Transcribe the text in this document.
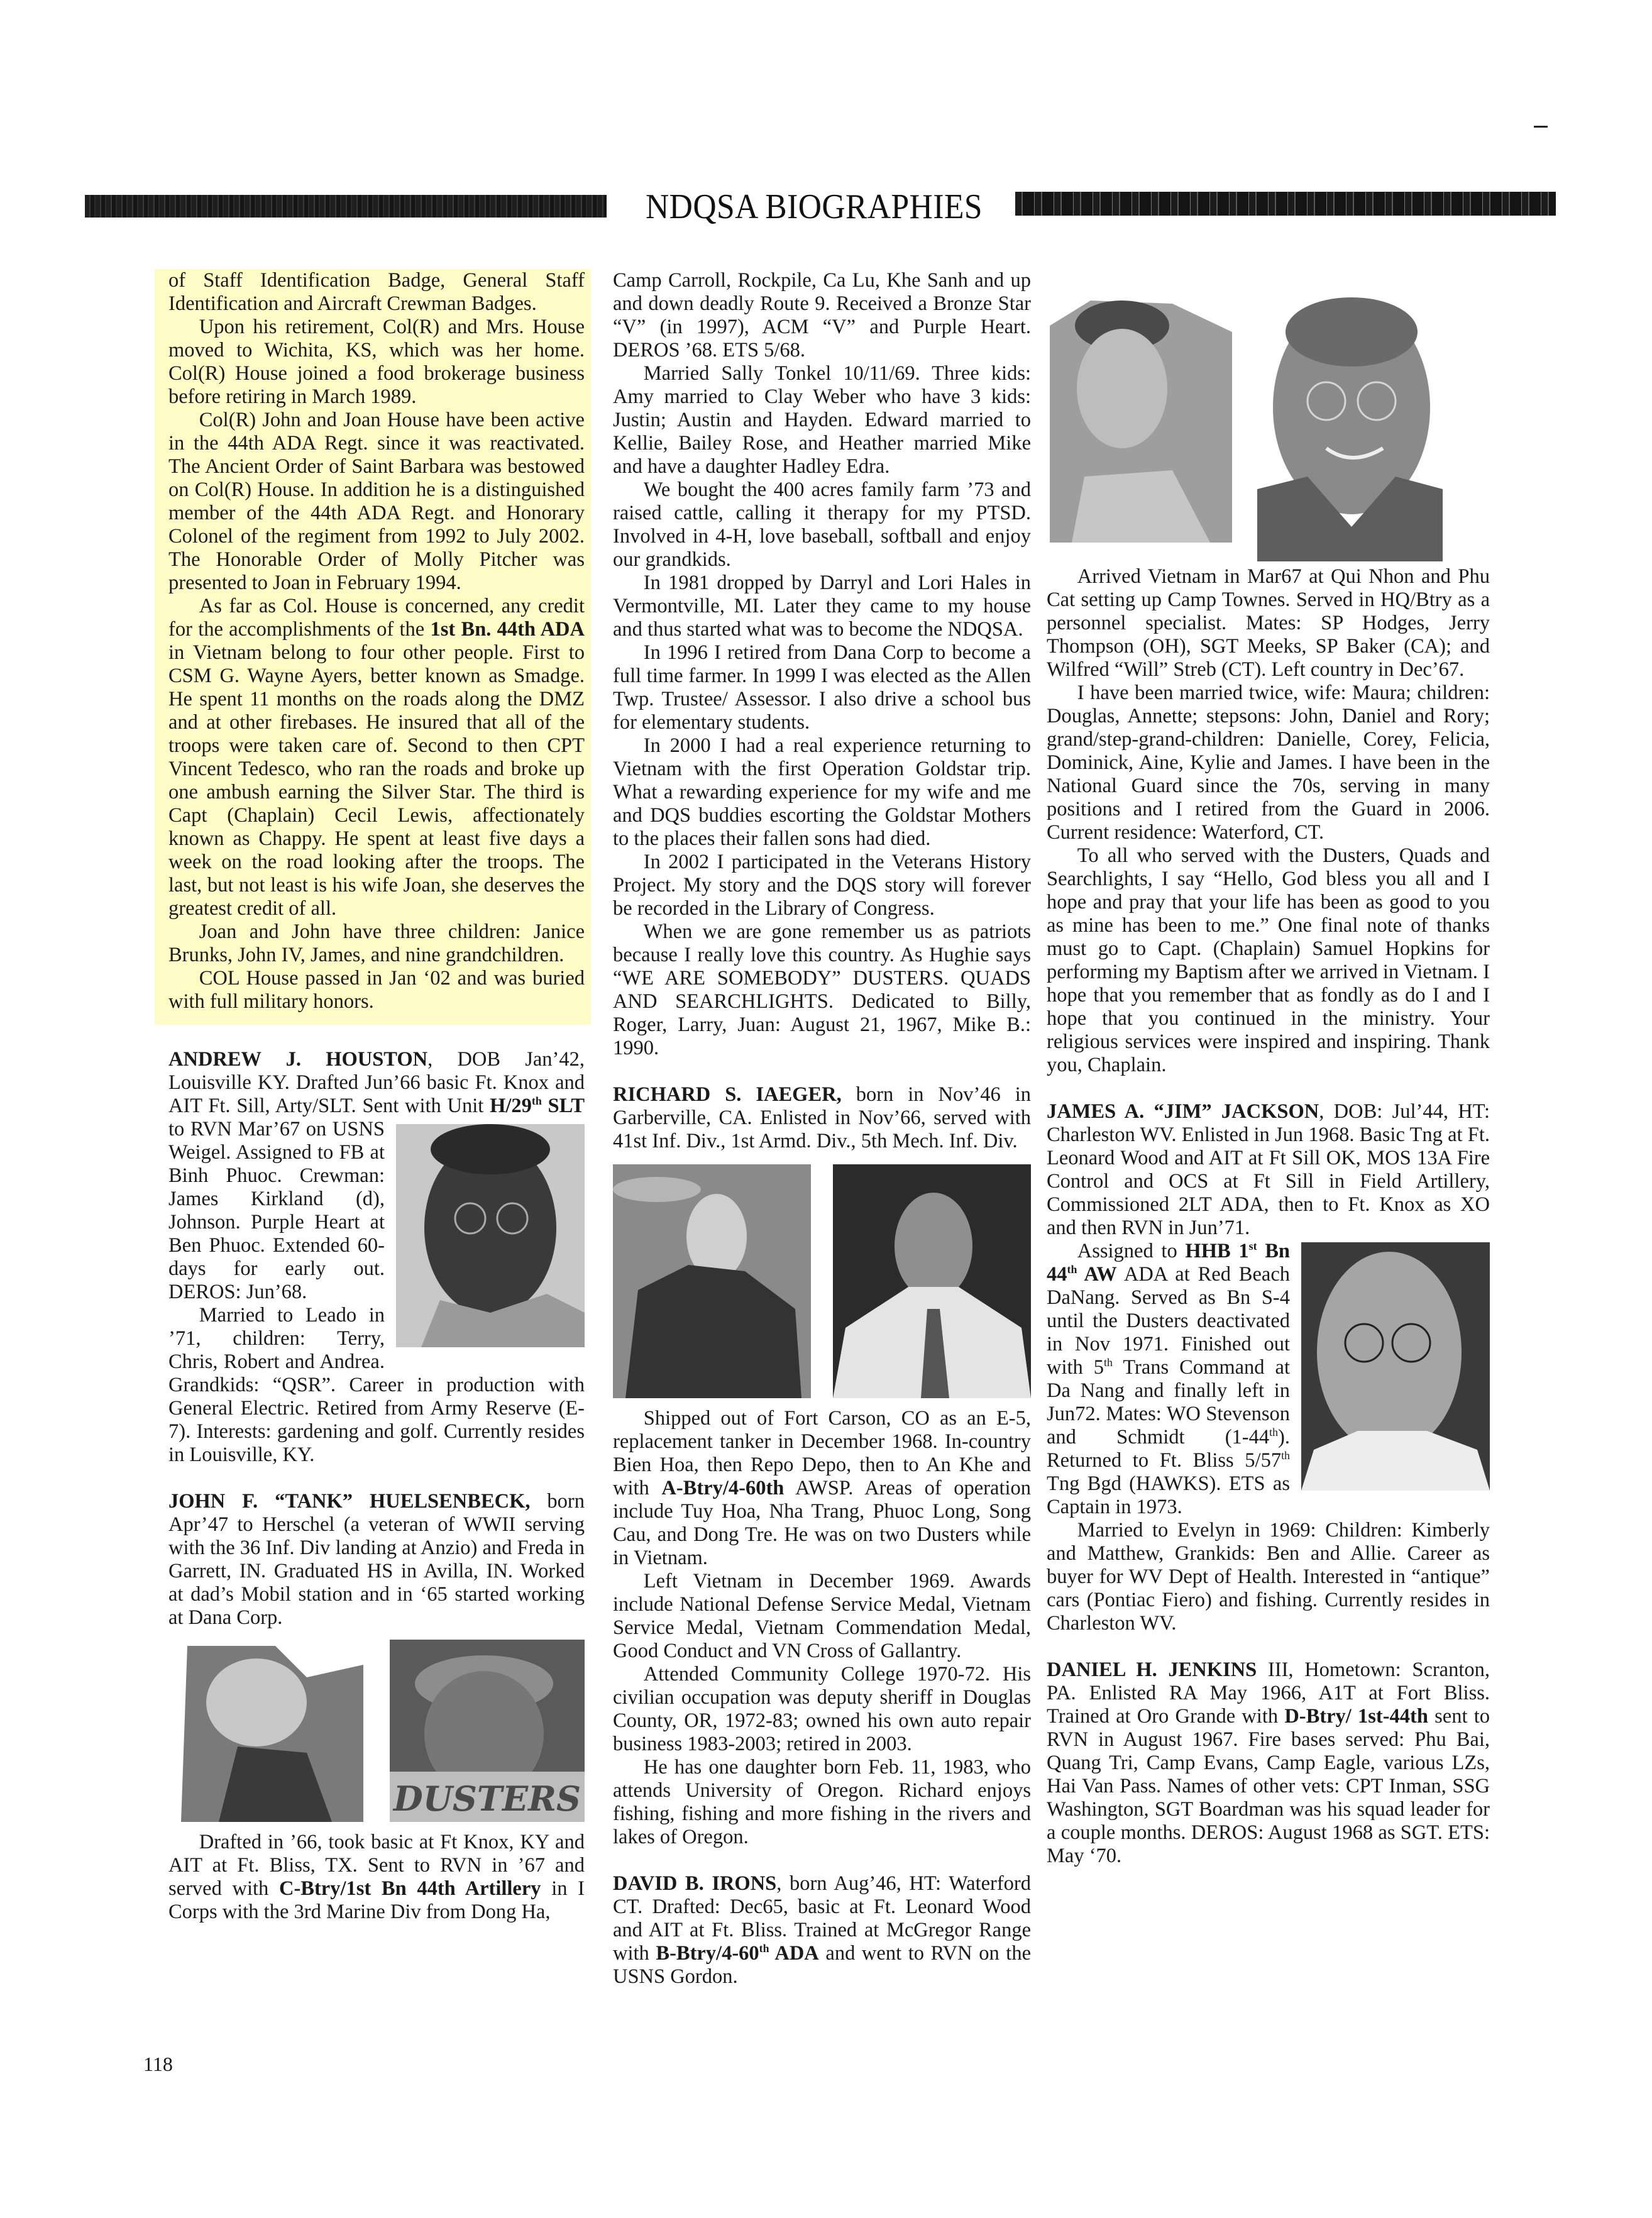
NDQSA BIOGRAPHIES

of Staff Identification Badge, General Staff Identification and Aircraft Crewman Badges.

Upon his retirement, Col(R) and Mrs. House moved to Wichita, KS, which was her home. Col(R) House joined a food brokerage business before retiring in March 1989.

Col(R) John and Joan House have been active in the 44th ADA Regt. since it was reactivated. The Ancient Order of Saint Barbara was bestowed on Col(R) House. In addition he is a distinguished member of the 44th ADA Regt. and Honorary Colonel of the regiment from 1992 to July 2002. The Honorable Order of Molly Pitcher was presented to Joan in February 1994.

As far as Col. House is concerned, any credit for the accomplishments of the 1st Bn. 44th ADA in Vietnam belong to four other people. First to CSM G. Wayne Ayers, better known as Smadge. He spent 11 months on the roads along the DMZ and at other firebases. He insured that all of the troops were taken care of. Second to then CPT Vincent Tedesco, who ran the roads and broke up one ambush earning the Silver Star. The third is Capt (Chaplain) Cecil Lewis, affectionately known as Chappy. He spent at least five days a week on the road looking after the troops. The last, but not least is his wife Joan, she deserves the greatest credit of all.

Joan and John have three children: Janice Brunks, John IV, James, and nine grandchildren.

COL House passed in Jan ‘02 and was buried with full military honors.

ANDREW J. HOUSTON, DOB Jan’42, Louisville KY. Drafted Jun’66 basic Ft. Knox and AIT Ft. Sill, Arty/SLT. Sent with Unit H/29th SLT
to RVN Mar’67 on USNS Weigel. Assigned to FB at Binh Phuoc. Crewman: James Kirkland (d), Johnson. Purple Heart at Ben Phuoc. Extended 60-days for early out. DEROS: Jun’68.

Married to Leado in ’71, children: Terry, Chris, Robert and Andrea. Grandkids: “QSR”. Career in production with General Electric. Retired from Army Reserve (E-7). Interests: gardening and golf. Currently resides in Louisville, KY.

JOHN F. “TANK” HUELSENBECK, born Apr’47 to Herschel (a veteran of WWII serving with the 36 Inf. Div landing at Anzio) and Freda in Garrett, IN. Graduated HS in Avilla, IN. Worked at dad’s Mobil station and in ‘65 started working at Dana Corp.

DUSTERS

Drafted in ’66, took basic at Ft Knox, KY and AIT at Ft. Bliss, TX. Sent to RVN in ’67 and served with C-Btry/1st Bn 44th Artillery in I Corps with the 3rd Marine Div from Dong Ha,

Camp Carroll, Rockpile, Ca Lu, Khe Sanh and up and down deadly Route 9. Received a Bronze Star “V” (in 1997), ACM “V” and Purple Heart. DEROS ’68. ETS 5/68.

Married Sally Tonkel 10/11/69. Three kids: Amy married to Clay Weber who have 3 kids: Justin; Austin and Hayden. Edward married to Kellie, Bailey Rose, and Heather married Mike and have a daughter Hadley Edra.

We bought the 400 acres family farm ’73 and raised cattle, calling it therapy for my PTSD. Involved in 4-H, love baseball, softball and enjoy our grandkids.

In 1981 dropped by Darryl and Lori Hales in Vermontville, MI. Later they came to my house and thus started what was to become the NDQSA.

In 1996 I retired from Dana Corp to become a full time farmer. In 1999 I was elected as the Allen Twp. Trustee/ Assessor. I also drive a school bus for elementary students.

In 2000 I had a real experience returning to Vietnam with the first Operation Goldstar trip. What a rewarding experience for my wife and me and DQS buddies escorting the Goldstar Mothers to the places their fallen sons had died.

In 2002 I participated in the Veterans History Project. My story and the DQS story will forever be recorded in the Library of Congress.

When we are gone remember us as patriots because I really love this country. As Hughie says “WE ARE SOMEBODY” DUSTERS. QUADS AND SEARCHLIGHTS. Dedicated to Billy, Roger, Larry, Juan: August 21, 1967, Mike B.: 1990.

RICHARD S. IAEGER, born in Nov’46 in Garberville, CA. Enlisted in Nov’66, served with 41st Inf. Div., 1st Armd. Div., 5th Mech. Inf. Div.

Shipped out of Fort Carson, CO as an E-5, replacement tanker in December 1968. In-country Bien Hoa, then Repo Depo, then to An Khe and with A-Btry/4-60th AWSP. Areas of operation include Tuy Hoa, Nha Trang, Phuoc Long, Song Cau, and Dong Tre. He was on two Dusters while in Vietnam.

Left Vietnam in December 1969. Awards include National Defense Service Medal, Vietnam Service Medal, Vietnam Commendation Medal, Good Conduct and VN Cross of Gallantry.

Attended Community College 1970-72. His civilian occupation was deputy sheriff in Douglas County, OR, 1972-83; owned his own auto repair business 1983-2003; retired in 2003.

He has one daughter born Feb. 11, 1983, who attends University of Oregon. Richard enjoys fishing, fishing and more fishing in the rivers and lakes of Oregon.

DAVID B. IRONS, born Aug’46, HT: Waterford CT. Drafted: Dec65, basic at Ft. Leonard Wood and AIT at Ft. Bliss. Trained at McGregor Range with B-Btry/4-60th ADA and went to RVN on the USNS Gordon.

Arrived Vietnam in Mar67 at Qui Nhon and Phu Cat setting up Camp Townes. Served in HQ/Btry as a personnel specialist. Mates: SP Hodges, Jerry Thompson (OH), SGT Meeks, SP Baker (CA); and Wilfred “Will” Streb (CT). Left country in Dec’67.

I have been married twice, wife: Maura; children: Douglas, Annette; stepsons: John, Daniel and Rory; grand/step-grand-children: Danielle, Corey, Felicia, Dominick, Aine, Kylie and James. I have been in the National Guard since the 70s, serving in many positions and I retired from the Guard in 2006. Current residence: Waterford, CT.

To all who served with the Dusters, Quads and Searchlights, I say “Hello, God bless you all and I hope and pray that your life has been as good to you as mine has been to me.” One final note of thanks must go to Capt. (Chaplain) Samuel Hopkins for performing my Baptism after we arrived in Vietnam. I hope that you remember that as fondly as do I and I hope that you continued in the ministry. Your religious services were inspired and inspiring. Thank you, Chaplain.

JAMES A. “JIM” JACKSON, DOB: Jul’44, HT: Charleston WV. Enlisted in Jun 1968. Basic Tng at Ft. Leonard Wood and AIT at Ft Sill OK, MOS 13A Fire Control and OCS at Ft Sill in Field Artillery, Commissioned 2LT ADA, then to Ft. Knox as XO and then RVN in Jun’71.

Assigned to HHB 1st Bn 44th AW ADA at Red Beach DaNang. Served as Bn S-4 until the Dusters deactivated in Nov 1971. Finished out with 5th Trans Command at Da Nang and finally left in Jun72. Mates: WO Stevenson and Schmidt (1-44th). Returned to Ft. Bliss 5/57th Tng Bgd (HAWKS). ETS as Captain in 1973.

Married to Evelyn in 1969: Children: Kimberly and Matthew, Grankids: Ben and Allie. Career as buyer for WV Dept of Health. Interested in “antique” cars (Pontiac Fiero) and fishing. Currently resides in Charleston WV.

DANIEL H. JENKINS III, Hometown: Scranton, PA. Enlisted RA May 1966, A1T at Fort Bliss. Trained at Oro Grande with D-Btry/ 1st-44th sent to RVN in August 1967. Fire bases served: Phu Bai, Quang Tri, Camp Evans, Camp Eagle, various LZs, Hai Van Pass. Names of other vets: CPT Inman, SSG Washington, SGT Boardman was his squad leader for a couple months. DEROS: August 1968 as SGT. ETS: May ‘70.

118
